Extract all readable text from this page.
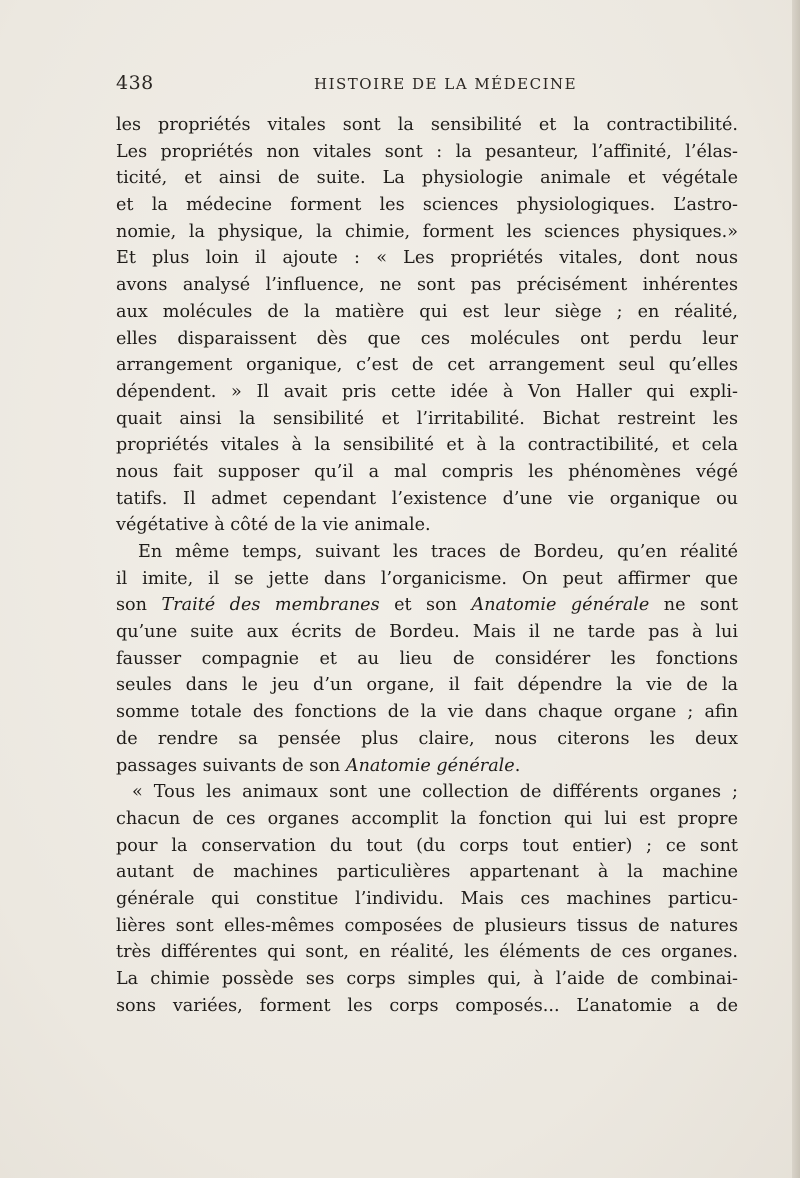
438	HISTOIRE DE LA MÉDECINE
les propriétés vitales sont la sensibilité et la contractibilité.
Les propriétés non vitales sont : la pesanteur, l’affinité, l’élas-
ticité, et ainsi de suite. La physiologie animale et végétale
et la médecine forment les sciences physiologiques. L’astro-
nomie, la physique, la chimie, forment les sciences physiques.»
Et plus loin il ajoute : « Les propriétés vitales, dont nous
avons analysé l’influence, ne sont pas précisément inhérentes
aux molécules de la matière qui est leur siège ; en réalité,
elles disparaissent dès que ces molécules ont perdu leur
arrangement organique, c’est de cet arrangement seul qu’elles
dépendent. » Il avait pris cette idée à Von Haller qui expli-
quait ainsi la sensibilité et l’irritabilité. Bichat restreint les
propriétés vitales à la sensibilité et à la contractibilité, et cela
nous fait supposer qu’il a mal compris les phénomènes végé
tatifs. Il admet cependant l’existence d’une vie organique ou
végétative à côté de la vie animale.
En même temps, suivant les traces de Bordeu, qu’en réalité
il imite, il se jette dans l’organicisme. On peut affirmer que
son Traité des membranes et son Anatomie générale ne sont
qu’une suite aux écrits de Bordeu. Mais il ne tarde pas à lui
fausser compagnie et au lieu de considérer les fonctions
seules dans le jeu d’un organe, il fait dépendre la vie de la
somme totale des fonctions de la vie dans chaque organe ; afin
de rendre sa pensée plus claire, nous citerons les deux
passages suivants de son Anatomie générale.
« Tous les animaux sont une collection de différents organes ;
chacun de ces organes accomplit la fonction qui lui est propre
pour la conservation du tout (du corps tout entier) ; ce sont
autant de machines particulières appartenant à la machine
générale qui constitue l’individu. Mais ces machines particu-
lières sont elles-mêmes composées de plusieurs tissus de natures
très différentes qui sont, en réalité, les éléments de ces organes.
La chimie possède ses corps simples qui, à l’aide de combinai-
sons variées, forment les corps composés... L’anatomie a de
